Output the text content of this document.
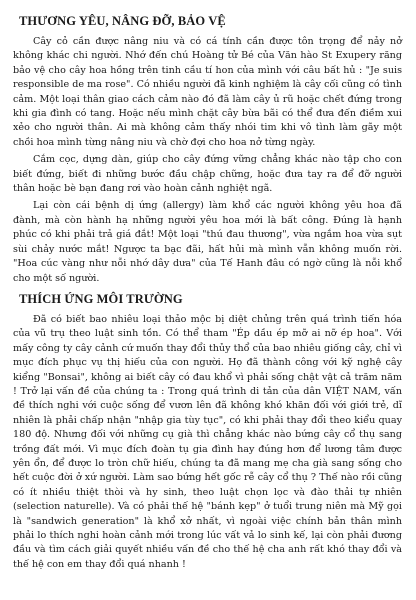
THƯƠNG YÊU, NÂNG ĐỠ, BẢO VỆ

Cây cỏ cần được nâng niu và có cá tính cần được tôn trọng để nảy nở không khác chi người. Nhớ đến chú Hoàng tử Bé của Văn hào St Exupery răng bảo vệ cho cây hoa hồng trên tinh cầu tí hon của mình với câu bất hủ : "Je suis responsible de ma rose". Có nhiều người đã kinh nghiệm là cây cối cũng có tình cảm. Một loại thân giao cách cảm nào đó đã làm cây ủ rũ hoặc chết đứng trong khi gia đình có tang. Hoặc nếu mình chặt cây bừa bãi có thể đưa đến điềm xui xẻo cho người thân. Ai mà không cảm thấy nhói tim khi vô tình làm gãy một chồi hoa mình từng nâng niu và chờ đợi cho hoa nở từng ngày.

Cắm cọc, dựng dàn, giúp cho cây đứng vững chẳng khác nào tập cho con biết đứng, biết đi những bước đầu chập chững, hoặc đưa tay ra để đỡ người thân hoặc bè bạn đang rơi vào hoàn cảnh nghiệt ngã.

Lại còn cái bệnh dị ứng (allergy) làm khổ các người không yêu hoa đã đành, mà còn hành hạ những người yêu hoa mới là bất công. Đúng là hạnh phúc có khi phải trả giá đắt! Một loại "thú đau thương", vừa ngắm hoa vừa sụt sùi chảy nước mắt! Ngược ta bạc đãi, hất hủi mà mình vẫn không muốn rời. "Hoa cúc vàng như nỗi nhớ dây dưa" của Tế Hanh đâu có ngờ cũng là nỗi khổ cho một số người.

THÍCH ỨNG MÔI TRƯỜNG

Đã có biết bao nhiêu loại thảo mộc bị diệt chủng trên quá trình tiến hóa của vũ trụ theo luật sinh tồn. Có thể tham "Ép dầu ép mỡ ai nỡ ép hoa". Với mấy công ty cây cảnh cứ muốn thay đổi thủy thổ của bao nhiêu giống cây, chỉ vì mục đích phục vụ thị hiếu của con người. Họ đã thành công với kỹ nghệ cây kiểng "Bonsai", không ai biết cây có đau khổ vì phải sống chật vật cả trăm năm ! Trở lại vấn đề của chúng ta : Trong quá trình di tản của dân VIỆT NAM, vấn đề thích nghi với cuộc sống để vươn lên đã không khó khăn đối với giới trẻ, dĩ nhiên là phải chấp nhận "nhập gia tùy tục", có khi phải thay đổi theo kiểu quay 180 độ. Nhưng đối với những cụ già thì chẳng khác nào bứng cây cổ thụ sang trồng đất mới. Vì mục đích đoàn tụ gia đình hay đúng hơn để lương tâm được yên ổn, để được lo tròn chữ hiếu, chúng ta đã mang mẹ cha già sang sống cho hết cuộc đời ở xứ người. Làm sao bứng hết gốc rễ cây cổ thụ ? Thế nào rồi cũng có ít nhiều thiệt thòi và hy sinh, theo luật chọn lọc và đào thải tự nhiên (selection naturelle). Và có phải thế hệ "bánh kẹp" ở tuổi trung niên mà Mỹ gọi là "sandwich generation" là khổ xở nhất, vì ngoài việc chính bản thân mình phải lo thích nghi hoàn cảnh mới trong lúc vất vả lo sinh kế, lại còn phải đương đầu và tìm cách giải quyết nhiều vấn đề cho thế hệ cha anh rất khó thay đổi và thế hệ con em thay đổi quá nhanh !
